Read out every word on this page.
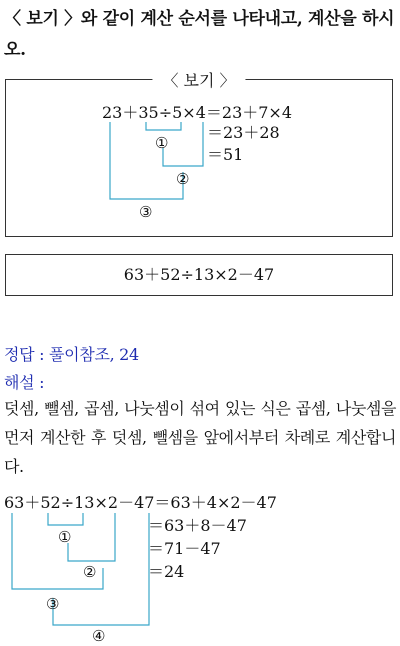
〈 보기 〉와 같이 계산 순서를 나타내고, 계산을 하시오.
〈 보기 〉
23＋35÷5×4＝23＋7×4
＝23＋28
＝51
①
②
③
63＋52÷13×2－47
정답 : 풀이참조, 24
해설 :
덧셈, 뺄셈, 곱셈, 나눗셈이 섞여 있는 식은 곱셈, 나눗셈을 먼저 계산한 후 덧셈, 뺄셈을 앞에서부터 차례로 계산합니다.
63＋52÷13×2－47＝63＋4×2－47
＝63＋8－47
＝71－47
＝24
①
②
③
④
